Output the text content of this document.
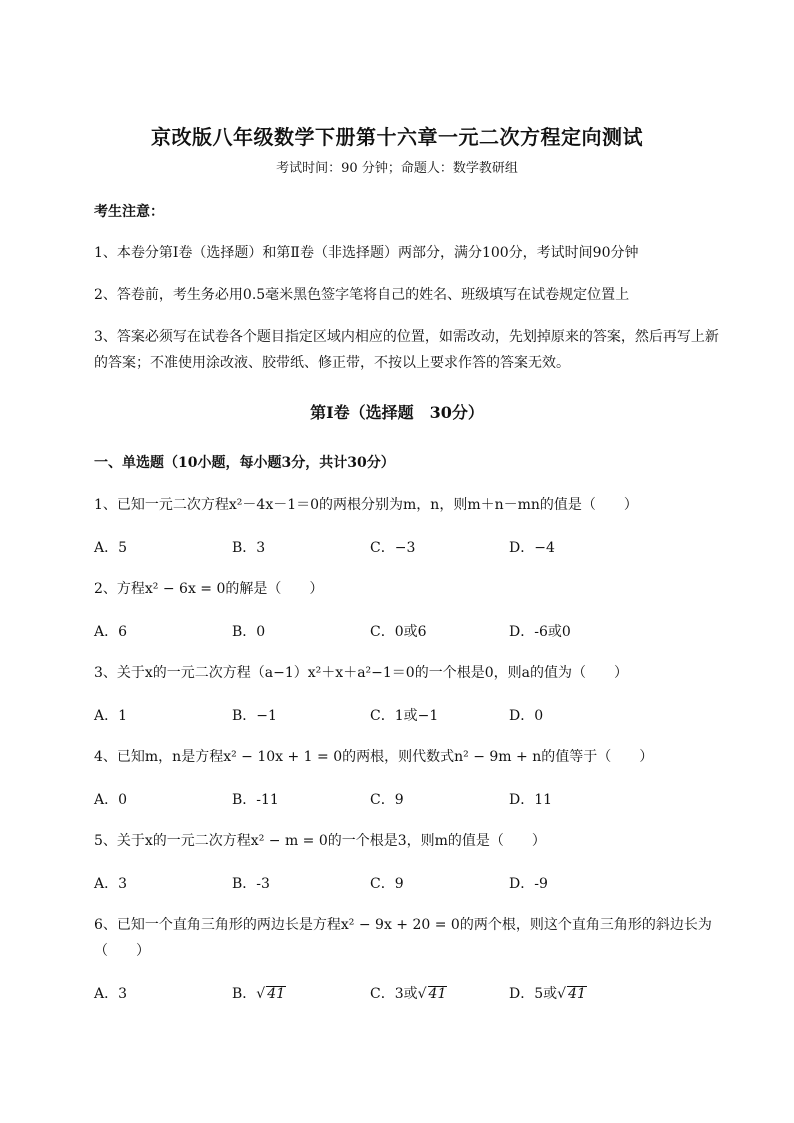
京改版八年级数学下册第十六章一元二次方程定向测试
考试时间：90 分钟；命题人：数学教研组
考生注意：
1、本卷分第Ⅰ卷（选择题）和第Ⅱ卷（非选择题）两部分，满分100分，考试时间90分钟
2、答卷前，考生务必用0.5毫米黑色签字笔将自己的姓名、班级填写在试卷规定位置上
3、答案必须写在试卷各个题目指定区域内相应的位置，如需改动，先划掉原来的答案，然后再写上新
的答案；不准使用涂改液、胶带纸、修正带，不按以上要求作答的答案无效。
第Ⅰ卷（选择题　30分）
一、单选题（10小题，每小题3分，共计30分）
1、已知一元二次方程x²－4x－1＝0的两根分别为m，n，则m＋n－mn的值是（　　）
A．5	B．3	C．−3	D．−4
2、方程x² − 6x = 0的解是（　　）
A．6	B．0	C．0或6	D．-6或0
3、关于x的一元二次方程（a−1）x²＋x＋a²−1＝0的一个根是0，则a的值为（　　）
A．1	B．−1	C．1或−1	D．0
4、已知m，n是方程x² − 10x + 1 = 0的两根，则代数式n² − 9m + n的值等于（　　）
A．0	B．-11	C．9	D．11
5、关于x的一元二次方程x² − m = 0的一个根是3，则m的值是（　　）
A．3	B．-3	C．9	D．-9
6、已知一个直角三角形的两边长是方程x² − 9x + 20 = 0的两个根，则这个直角三角形的斜边长为
（　　）
A．3	B．√ 41	C．3或√ 41	D．5或√ 41
